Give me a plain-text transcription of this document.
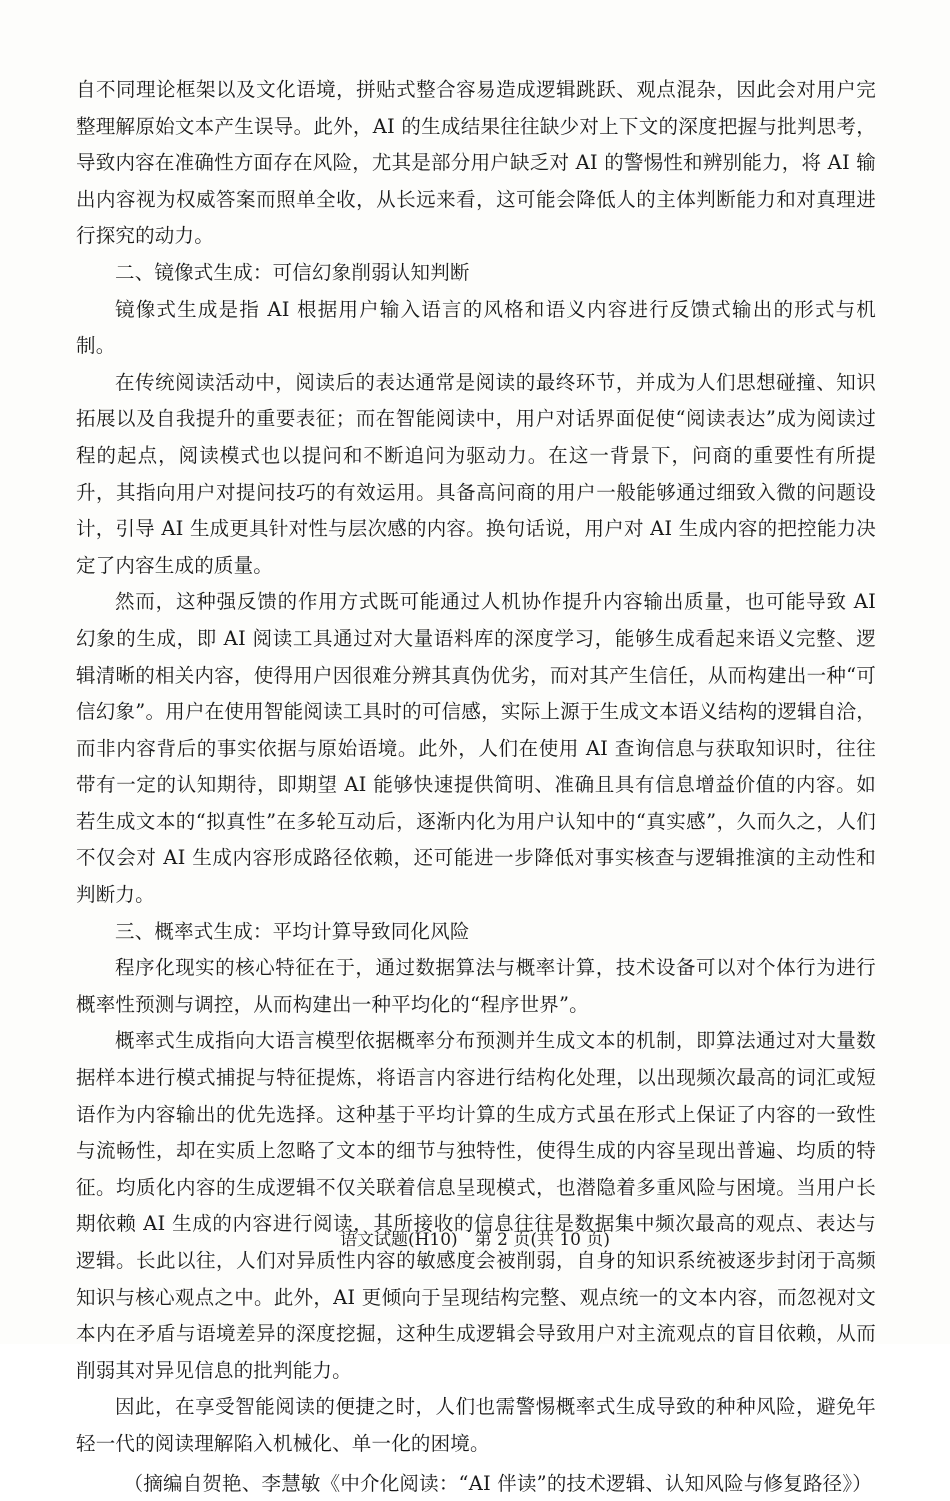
自不同理论框架以及文化语境，拼贴式整合容易造成逻辑跳跃、观点混杂，因此会对用户完整理解原始文本产生误导。此外，AI 的生成结果往往缺少对上下文的深度把握与批判思考，导致内容在准确性方面存在风险，尤其是部分用户缺乏对 AI 的警惕性和辨别能力，将 AI 输出内容视为权威答案而照单全收，从长远来看，这可能会降低人的主体判断能力和对真理进行探究的动力。

二、镜像式生成：可信幻象削弱认知判断

镜像式生成是指 AI 根据用户输入语言的风格和语义内容进行反馈式输出的形式与机制。

在传统阅读活动中，阅读后的表达通常是阅读的最终环节，并成为人们思想碰撞、知识拓展以及自我提升的重要表征；而在智能阅读中，用户对话界面促使“阅读表达”成为阅读过程的起点，阅读模式也以提问和不断追问为驱动力。在这一背景下，问商的重要性有所提升，其指向用户对提问技巧的有效运用。具备高问商的用户一般能够通过细致入微的问题设计，引导 AI 生成更具针对性与层次感的内容。换句话说，用户对 AI 生成内容的把控能力决定了内容生成的质量。

然而，这种强反馈的作用方式既可能通过人机协作提升内容输出质量，也可能导致 AI 幻象的生成，即 AI 阅读工具通过对大量语料库的深度学习，能够生成看起来语义完整、逻辑清晰的相关内容，使得用户因很难分辨其真伪优劣，而对其产生信任，从而构建出一种“可信幻象”。用户在使用智能阅读工具时的可信感，实际上源于生成文本语义结构的逻辑自洽，而非内容背后的事实依据与原始语境。此外，人们在使用 AI 查询信息与获取知识时，往往带有一定的认知期待，即期望 AI 能够快速提供简明、准确且具有信息增益价值的内容。如若生成文本的“拟真性”在多轮互动后，逐渐内化为用户认知中的“真实感”，久而久之，人们不仅会对 AI 生成内容形成路径依赖，还可能进一步降低对事实核查与逻辑推演的主动性和判断力。

三、概率式生成：平均计算导致同化风险

程序化现实的核心特征在于，通过数据算法与概率计算，技术设备可以对个体行为进行概率性预测与调控，从而构建出一种平均化的“程序世界”。

概率式生成指向大语言模型依据概率分布预测并生成文本的机制，即算法通过对大量数据样本进行模式捕捉与特征提炼，将语言内容进行结构化处理，以出现频次最高的词汇或短语作为内容输出的优先选择。这种基于平均计算的生成方式虽在形式上保证了内容的一致性与流畅性，却在实质上忽略了文本的细节与独特性，使得生成的内容呈现出普遍、均质的特征。均质化内容的生成逻辑不仅关联着信息呈现模式，也潜隐着多重风险与困境。当用户长期依赖 AI 生成的内容进行阅读，其所接收的信息往往是数据集中频次最高的观点、表达与逻辑。长此以往，人们对异质性内容的敏感度会被削弱，自身的知识系统被逐步封闭于高频知识与核心观点之中。此外，AI 更倾向于呈现结构完整、观点统一的文本内容，而忽视对文本内在矛盾与语境差异的深度挖掘，这种生成逻辑会导致用户对主流观点的盲目依赖，从而削弱其对异见信息的批判能力。

因此，在享受智能阅读的便捷之时，人们也需警惕概率式生成导致的种种风险，避免年轻一代的阅读理解陷入机械化、单一化的困境。

（摘编自贺艳、李慧敏《中介化阅读：“AI 伴读”的技术逻辑、认知风险与修复路径》）

语文试题(H10)　第 2 页(共 10 页)
